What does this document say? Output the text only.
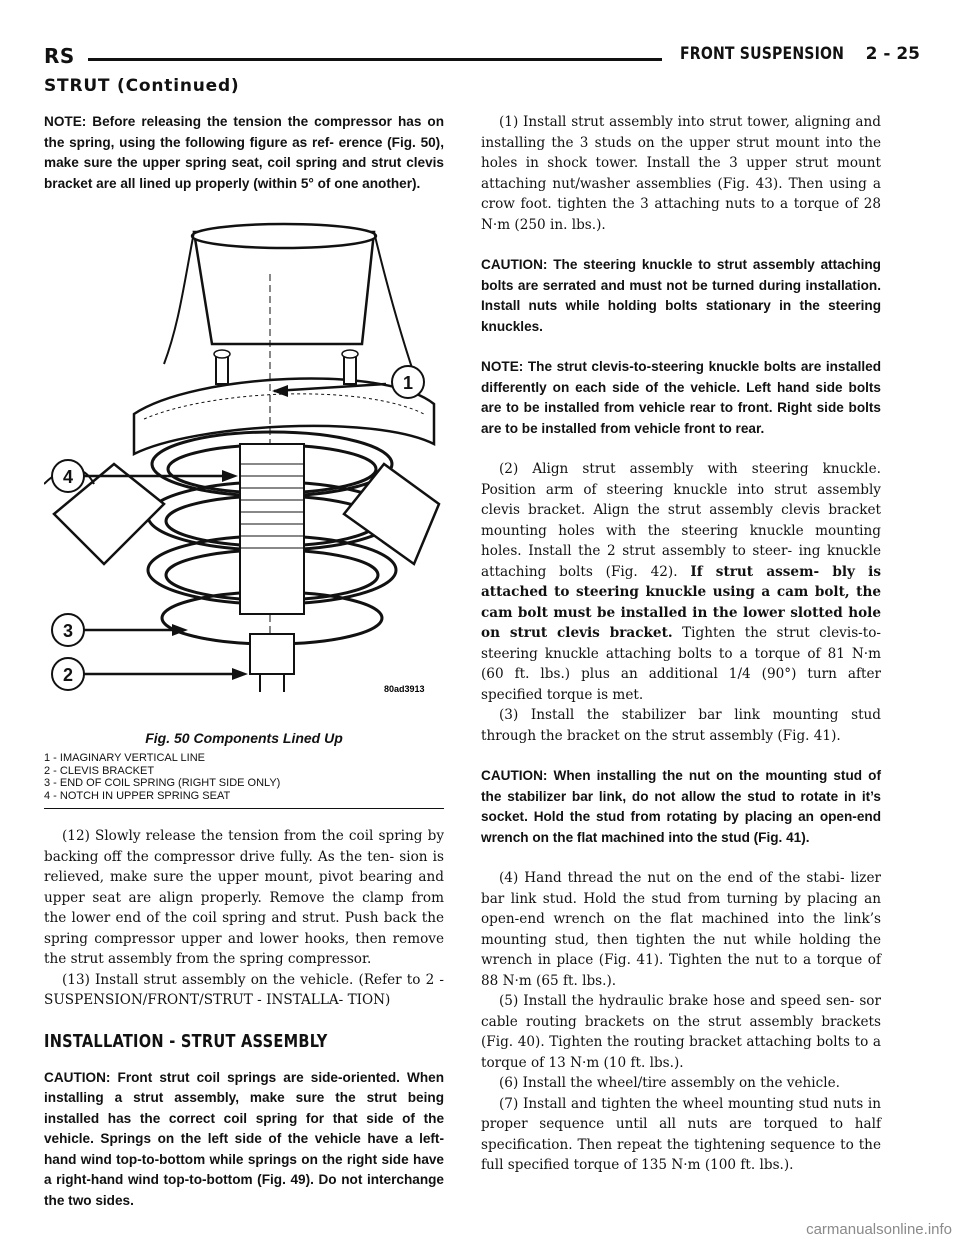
RS	FRONT SUSPENSION 2 - 25
STRUT (Continued)

NOTE: Before releasing the tension the compressor has on the spring, using the following figure as ref- erence (Fig. 50), make sure the upper spring seat, coil spring and strut clevis bracket are all lined up properly (within 5° of one another).

1
4
3
2
80ad3913
Fig. 50 Components Lined Up
1 - IMAGINARY VERTICAL LINE
2 - CLEVIS BRACKET
3 - END OF COIL SPRING (RIGHT SIDE ONLY)
4 - NOTCH IN UPPER SPRING SEAT

(12) Slowly release the tension from the coil spring by backing off the compressor drive fully. As the ten- sion is relieved, make sure the upper mount, pivot bearing and upper seat are align properly. Remove the clamp from the lower end of the coil spring and strut. Push back the spring compressor upper and lower hooks, then remove the strut assembly from the spring compressor.

(13) Install strut assembly on the vehicle. (Refer to 2 - SUSPENSION/FRONT/STRUT - INSTALLA- TION)

INSTALLATION - STRUT ASSEMBLY

CAUTION: Front strut coil springs are side-oriented. When installing a strut assembly, make sure the strut being installed has the correct coil spring for that side of the vehicle. Springs on the left side of the vehicle have a left-hand wind top-to-bottom while springs on the right side have a right-hand wind top-to-bottom (Fig. 49). Do not interchange the two sides.

(1) Install strut assembly into strut tower, aligning and installing the 3 studs on the upper strut mount into the holes in shock tower. Install the 3 upper strut mount attaching nut/washer assemblies (Fig. 43). Then using a crow foot. tighten the 3 attaching nuts to a torque of 28 N·m (250 in. lbs.).

CAUTION: The steering knuckle to strut assembly attaching bolts are serrated and must not be turned during installation. Install nuts while holding bolts stationary in the steering knuckles.

NOTE: The strut clevis-to-steering knuckle bolts are installed differently on each side of the vehicle. Left hand side bolts are to be installed from vehicle rear to front. Right side bolts are to be installed from vehicle front to rear.

(2) Align strut assembly with steering knuckle. Position arm of steering knuckle into strut assembly clevis bracket. Align the strut assembly clevis bracket mounting holes with the steering knuckle mounting holes. Install the 2 strut assembly to steer- ing knuckle attaching bolts (Fig. 42). If strut assem- bly is attached to steering knuckle using a cam bolt, the cam bolt must be installed in the lower slotted hole on strut clevis bracket. Tighten the strut clevis-to-steering knuckle attaching bolts to a torque of 81 N·m (60 ft. lbs.) plus an additional 1/4 (90°) turn after specified torque is met.

(3) Install the stabilizer bar link mounting stud through the bracket on the strut assembly (Fig. 41).

CAUTION: When installing the nut on the mounting stud of the stabilizer bar link, do not allow the stud to rotate in it’s socket. Hold the stud from rotating by placing an open-end wrench on the flat machined into the stud (Fig. 41).

(4) Hand thread the nut on the end of the stabi- lizer bar link stud. Hold the stud from turning by placing an open-end wrench on the flat machined into the link’s mounting stud, then tighten the nut while holding the wrench in place (Fig. 41). Tighten the nut to a torque of 88 N·m (65 ft. lbs.).

(5) Install the hydraulic brake hose and speed sen- sor cable routing brackets on the strut assembly brackets (Fig. 40). Tighten the routing bracket attaching bolts to a torque of 13 N·m (10 ft. lbs.).

(6) Install the wheel/tire assembly on the vehicle.

(7) Install and tighten the wheel mounting stud nuts in proper sequence until all nuts are torqued to half specification. Then repeat the tightening sequence to the full specified torque of 135 N·m (100 ft. lbs.).

carmanualsonline.info
